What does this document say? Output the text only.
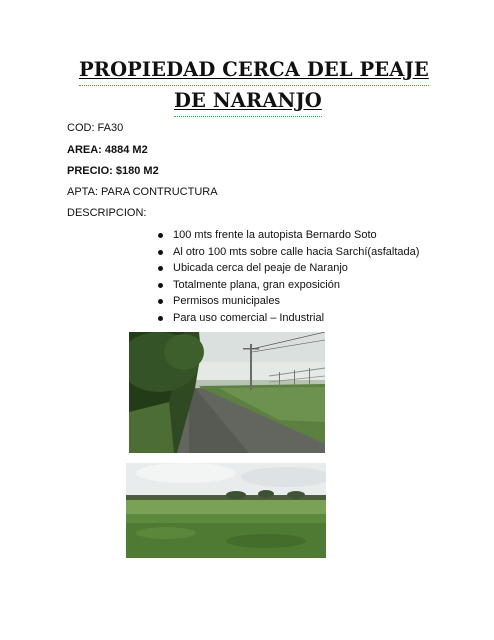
PROPIEDAD CERCA DEL PEAJE
DE NARANJO
COD: FA30
AREA: 4884 M2
PRECIO: $180 M2
APTA: PARA CONTRUCTURA
DESCRIPCION:
100 mts frente la autopista Bernardo Soto
Al otro 100 mts sobre calle hacia Sarchí(asfaltada)
Ubicada cerca del peaje de Naranjo
Totalmente plana, gran exposición
Permisos municipales
Para uso comercial – Industrial
